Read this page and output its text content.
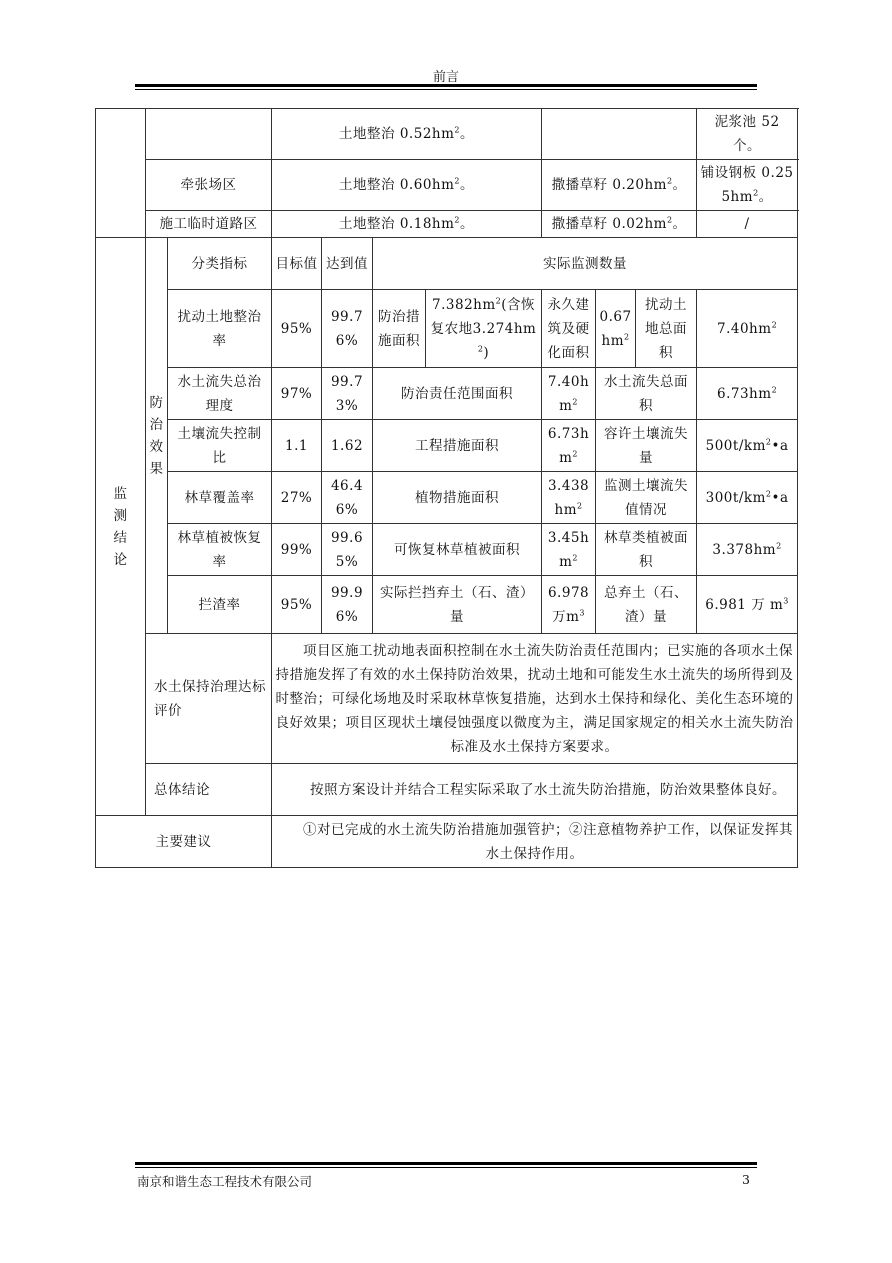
前言
			土地整治 $0.52hm^2$。							泥浆池 52 个。
	牵张场区		土地整治 $0.60hm^2$。				撒播草籽 $0.20hm^2$。			铺设钢板 $0.255hm^2$。
	施工临时道路区		土地整治 $0.18hm^2$。				撒播草籽 $0.02hm^2$。			/
监测结论	防治效果	分类指标	目标值	达到值	实际监测数量					
		扰动土地整治率	95%	99.76%	防治措施面积	$7.382hm^2$(含恢复农地$3.274hm^2$)	永久建筑及硬化面积	$0.67hm^2$	扰动土地总面积	$7.40hm^2$
		水土流失总治理度	97%	99.73%	防治责任范围面积		$7.40hm^2$	水土流失总面积		$6.73hm^2$
		土壤流失控制比	1.1	1.62	工程措施面积		$6.73hm^2$	容许土壤流失量		$500t/km^2•a$
		林草覆盖率	27%	46.46%	植物措施面积		$3.438hm^2$	监测土壤流失值情况		$300t/km^2•a$
		林草植被恢复率	99%	99.65%	可恢复林草植被面积		$3.45hm^2$	林草类植被面积		$3.378hm^2$
		拦渣率	95%	99.96%	实际拦挡弃土（石、渣）量		6.978万$m^3$	总弃土（石、渣）量		6.981 万 $m^3$
	水土保持治理达标评价		项目区施工扰动地表面积控制在水土流失防治责任范围内；已实施的各项水土保持措施发挥了有效的水土保持防治效果，扰动土地和可能发生水土流失的场所得到及时整治；可绿化场地及时采取林草恢复措施，达到水土保持和绿化、美化生态环境的良好效果；项目区现状土壤侵蚀强度以微度为主，满足国家规定的相关水土流失防治标准及水土保持方案要求。							

	总体结论		按照方案设计并结合工程实际采取了水土流失防治措施，防治效果整体良好。							

主要建议			①对已完成的水土流失防治措施加强管护；②注意植物养护工作，以保证发挥其水土保持作用。							
南京和谐生态工程技术有限公司	3
